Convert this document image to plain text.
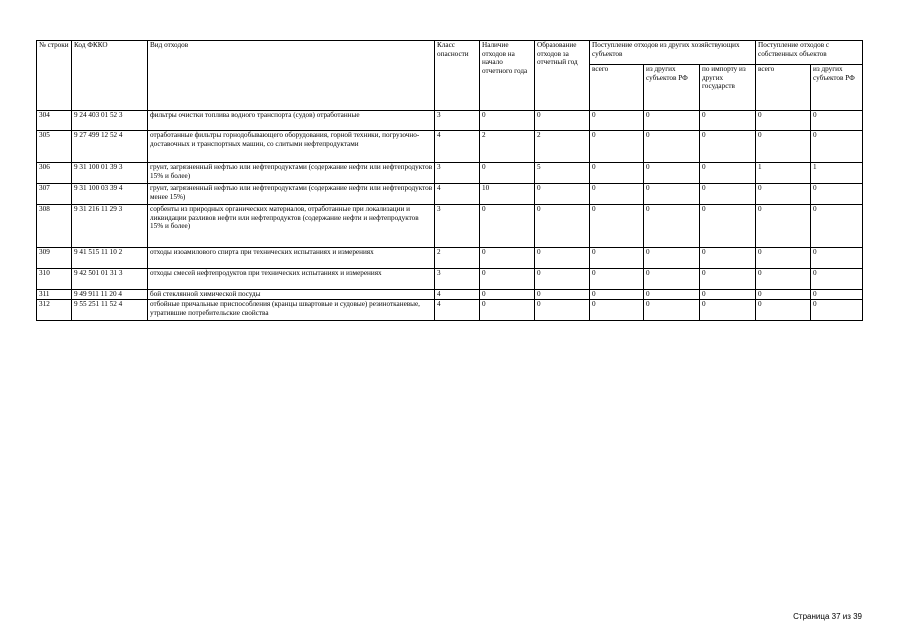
№ строки	Код ФККО	Вид отходов	Класс опасности	Наличие отходов на начало отчетного года	Образование отходов за отчетный год	Поступление отходов из других хозяйствующих субъектов			Поступление отходов с собственных объектов	
						всего	из других субъектов РФ	по импорту из других государств	всего	из других субъектов РФ
304	9 24 403 01 52 3	фильтры очистки топлива водного транспорта (судов) отработанные	3	0	0	0	0	0	0	0
305	9 27 499 12 52 4	отработанные фильтры горнодобывающего оборудования, горной техники, погрузочно-доставочных и транспортных машин, со слитыми нефтепродуктами	4	2	2	0	0	0	0	0
306	9 31 100 01 39 3	грунт, загрязненный нефтью или нефтепродуктами (содержание нефти или нефтепродуктов 15% и более)	3	0	5	0	0	0	1	1
307	9 31 100 03 39 4	грунт, загрязненный нефтью или нефтепродуктами (содержание нефти или нефтепродуктов менее 15%)	4	10	0	0	0	0	0	0
308	9 31 216 11 29 3	сорбенты из природных органических материалов, отработанные при локализации и ликвидации разливов нефти или нефтепродуктов (содержание нефти и нефтепродуктов 15% и более)	3	0	0	0	0	0	0	0
309	9 41 515 11 10 2	отходы изоамилового спирта при технических испытаниях и измерениях	2	0	0	0	0	0	0	0
310	9 42 501 01 31 3	отходы смесей нефтепродуктов при технических испытаниях и измерениях	3	0	0	0	0	0	0	0
311	9 49 911 11 20 4	бой стеклянной химической посуды	4	0	0	0	0	0	0	0
312	9 55 251 11 52 4	отбойные причальные приспособления (кранцы швартовые и судовые) резинотканевые, утратившие потребительские свойства	4	0	0	0	0	0	0	0
Страница 37 из 39
